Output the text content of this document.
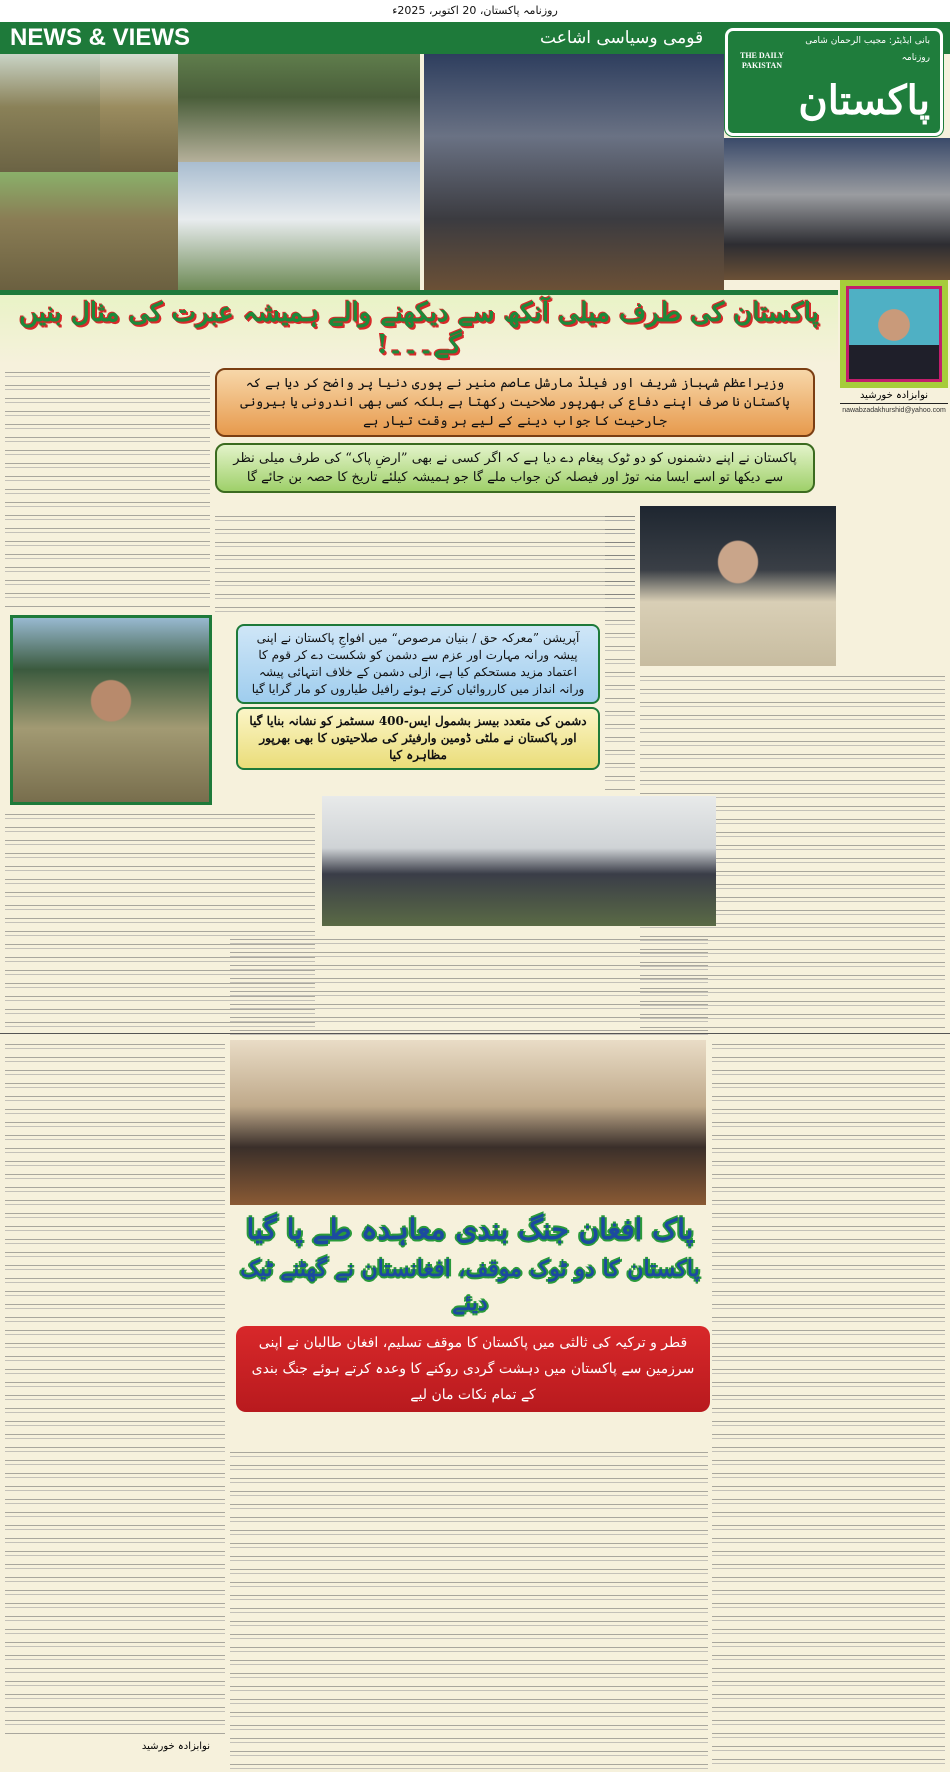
روزنامہ پاکستان، 20 اکتوبر، 2025ء
NEWS & VIEWS	قومی وسیاسی اشاعت	بانی ایڈیٹر: مجیب الرحمان شامی
روزنامہ
THE DAILY
PAKISTAN
پاکستان
پاکستان کی طرف میلی آنکھ سے دیکھنے والے ہمیشہ عبرت کی مثال بنیں گے۔۔۔!
وزیراعظم شہباز شریف اور فیلڈ مارشل عاصم منیر نے پوری دنیا پر واضح کر دیا ہے کہ پاکستان نا صرف اپنے دفاع کی بھرپور صلاحیت رکھتا ہے بلکہ کسی بھی اندرونی یا بیرونی جارحیت کا جواب دینے کے لیے ہر وقت تیار ہے
پاکستان نے اپنے دشمنوں کو دو ٹوک پیغام دے دیا ہے کہ اگر کسی نے بھی ”ارضِ پاک“ کی طرف میلی نظر سے دیکھا تو اسے ایسا منہ توڑ اور فیصلہ کن جواب ملے گا جو ہمیشہ کیلئے تاریخ کا حصہ بن جائے گا
نوابزادہ خورشید
nawabzadakhurshid@yahoo.com
آپریشن ”معرکہ حق / بنیان مرصوص“ میں افواجِ پاکستان نے اپنی پیشہ ورانہ مہارت اور عزم سے دشمن کو شکست دے کر قوم کا اعتماد مزید مستحکم کیا ہے، ازلی دشمن کے خلاف انتہائی پیشہ ورانہ انداز میں کارروائیاں کرتے ہوئے رافیل طیاروں کو مار گرایا گیا
دشمن کی متعدد بیسز بشمول ایس-400 سسٹمز کو نشانہ بنایا گیا اور پاکستان نے ملٹی ڈومین وارفیئر کی صلاحیتوں کا بھی بھرپور مظاہرہ کیا
پاک افغان جنگ بندی معاہدہ طے پا گیا
پاکستان کا دو ٹوک موقف، افغانستان نے گھٹنے ٹیک دیئے
قطر و ترکیہ کی ثالثی میں پاکستان کا موقف تسلیم، افغان طالبان نے اپنی سرزمین سے پاکستان میں دہشت گردی روکنے کا وعدہ کرتے ہوئے جنگ بندی کے تمام نکات مان لیے
نوابزادہ خورشید
